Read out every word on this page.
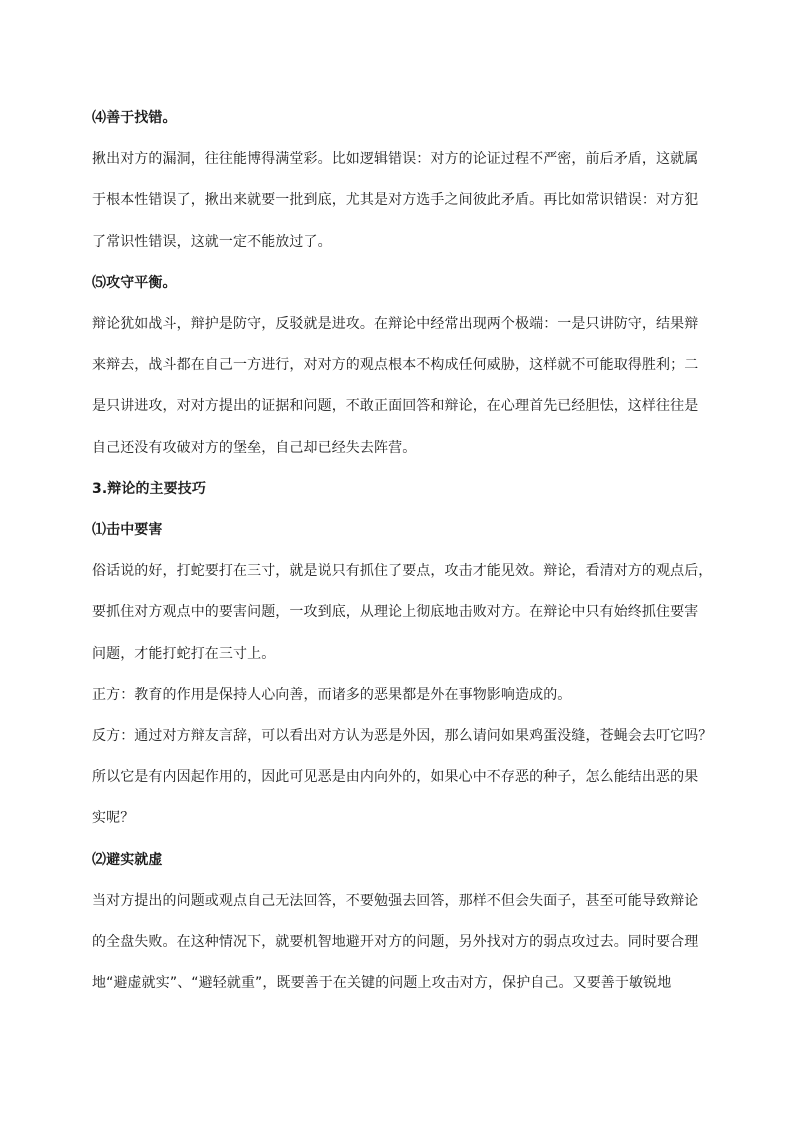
⑷善于找错。
揪出对方的漏洞，往往能博得满堂彩。比如逻辑错误：对方的论证过程不严密，前后矛盾，这就属
于根本性错误了，揪出来就要一批到底，尤其是对方选手之间彼此矛盾。再比如常识错误：对方犯
了常识性错误，这就一定不能放过了。
⑸攻守平衡。
辩论犹如战斗，辩护是防守，反驳就是进攻。在辩论中经常出现两个极端：一是只讲防守，结果辩
来辩去，战斗都在自己一方进行，对对方的观点根本不构成任何威胁，这样就不可能取得胜利；二
是只讲进攻，对对方提出的证据和问题，不敢正面回答和辩论，在心理首先已经胆怯，这样往往是
自己还没有攻破对方的堡垒，自己却已经失去阵营。
3.辩论的主要技巧
⑴击中要害
俗话说的好，打蛇要打在三寸，就是说只有抓住了要点，攻击才能见效。辩论，看清对方的观点后，
要抓住对方观点中的要害问题，一攻到底，从理论上彻底地击败对方。在辩论中只有始终抓住要害
问题，才能打蛇打在三寸上。
正方：教育的作用是保持人心向善，而诸多的恶果都是外在事物影响造成的。
反方：通过对方辩友言辞，可以看出对方认为恶是外因，那么请问如果鸡蛋没缝，苍蝇会去叮它吗？
所以它是有内因起作用的，因此可见恶是由内向外的，如果心中不存恶的种子，怎么能结出恶的果
实呢？
⑵避实就虚
当对方提出的问题或观点自己无法回答，不要勉强去回答，那样不但会失面子，甚至可能导致辩论
的全盘失败。在这种情况下，就要机智地避开对方的问题，另外找对方的弱点攻过去。同时要合理
地“避虚就实”、“避轻就重”，既要善于在关键的问题上攻击对方，保护自己。又要善于敏锐地
